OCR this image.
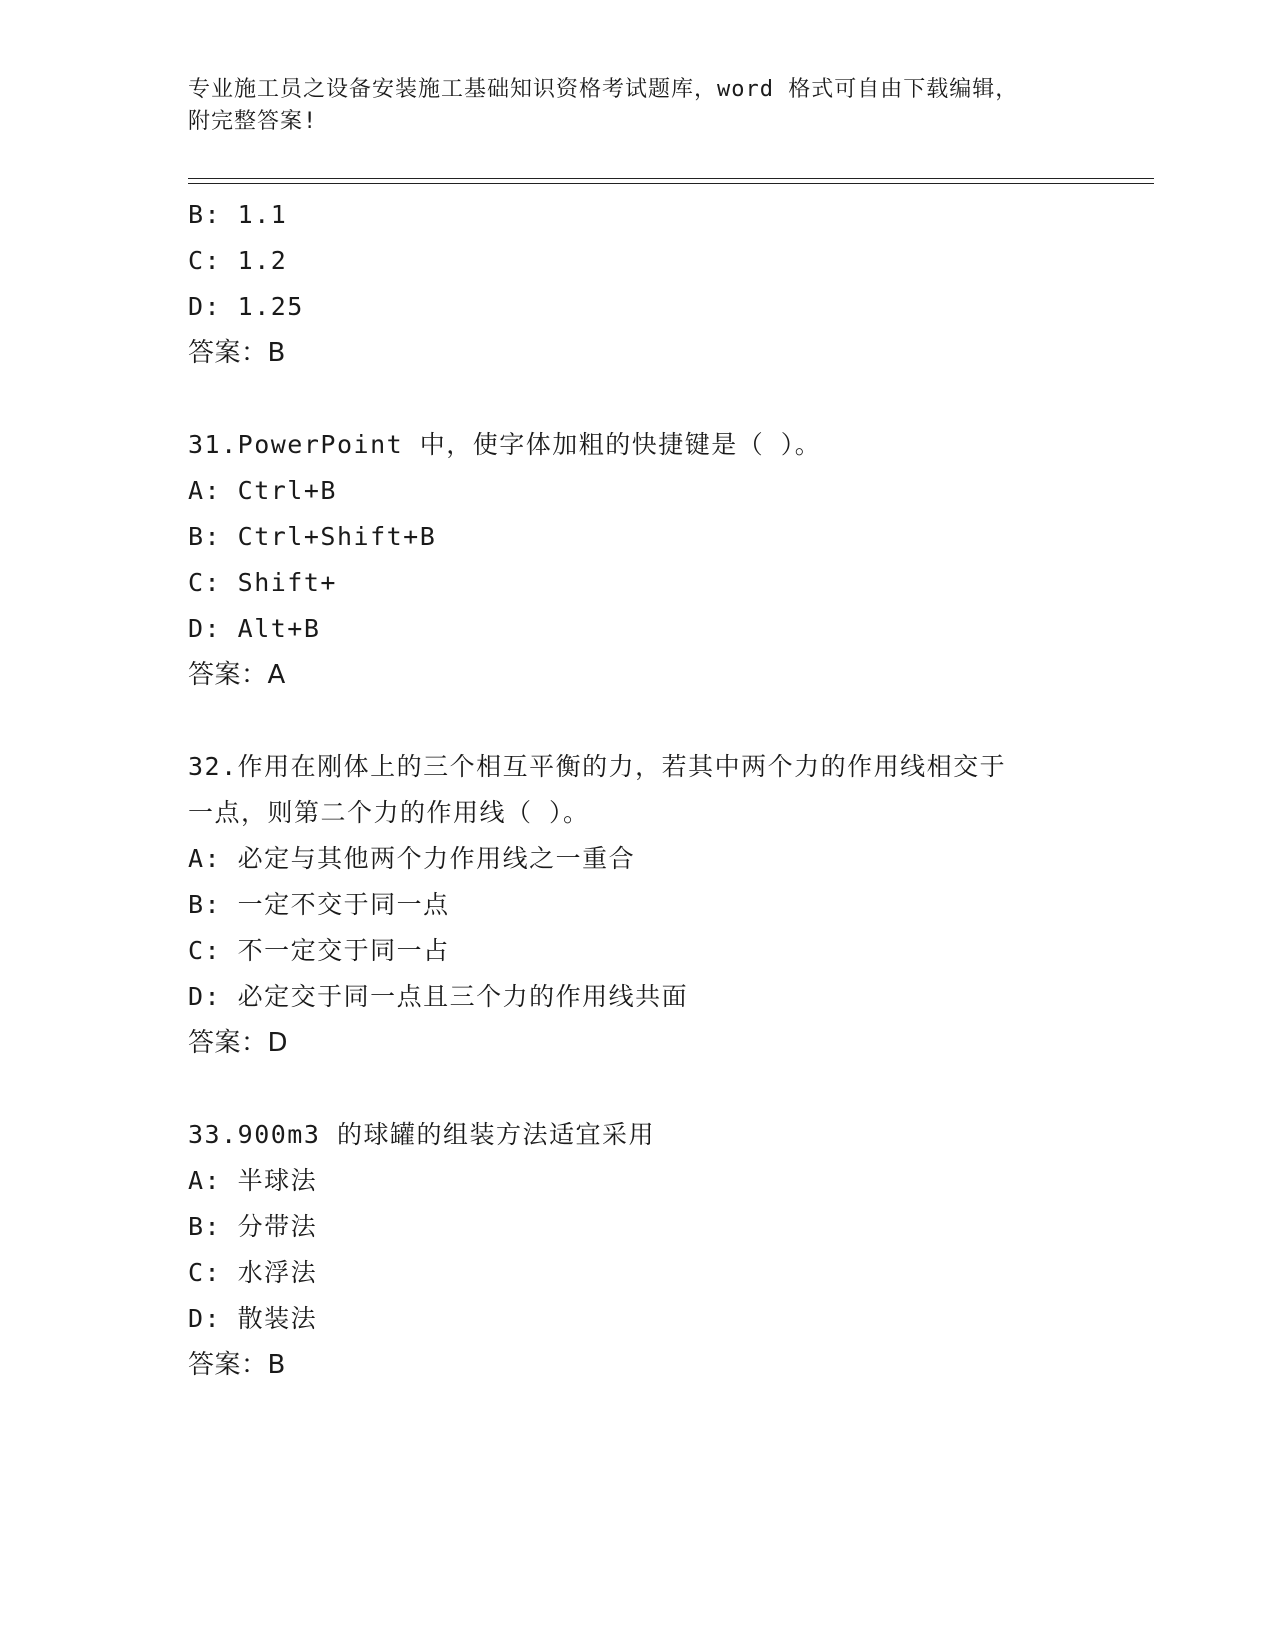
专业施工员之设备安装施工基础知识资格考试题库，word 格式可自由下载编辑，
附完整答案!
B: 1.1
C: 1.2
D: 1.25
答案：B
31.PowerPoint 中，使字体加粗的快捷键是（ ）。
A: Ctrl+B
B: Ctrl+Shift+B
C: Shift+
D: Alt+B
答案：A
32.作用在刚体上的三个相互平衡的力，若其中两个力的作用线相交于
一点，则第二个力的作用线（ ）。
A: 必定与其他两个力作用线之一重合
B: 一定不交于同一点
C: 不一定交于同一占
D: 必定交于同一点且三个力的作用线共面
答案：D
33.900m3 的球罐的组装方法适宜采用
A: 半球法
B: 分带法
C: 水浮法
D: 散装法
答案：B
